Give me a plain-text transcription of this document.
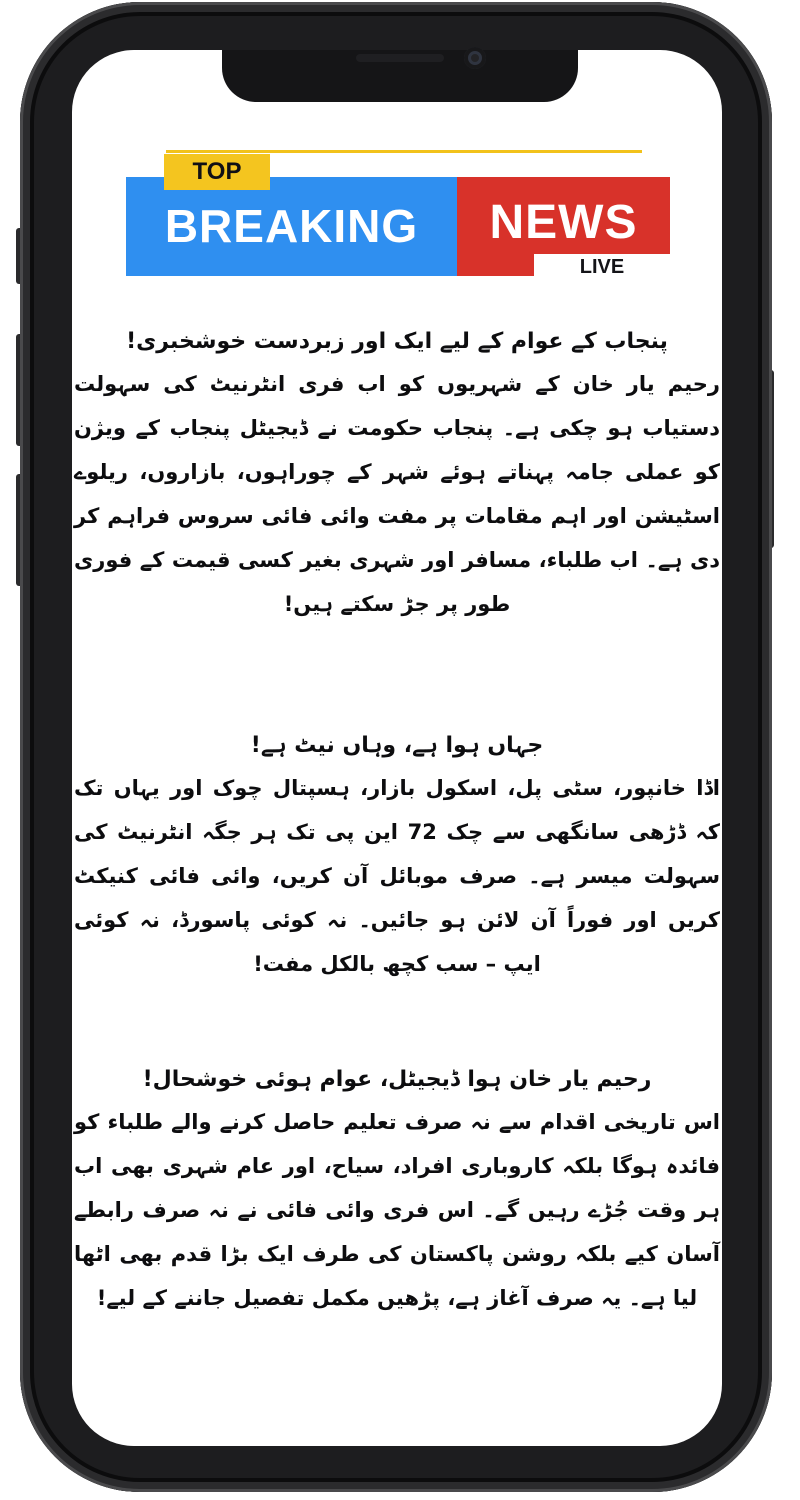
BREAKING	NEWS
TOP
LIVE
پنجاب کے عوام کے لیے ایک اور زبردست خوشخبری!
رحیم یار خان کے شہریوں کو اب فری انٹرنیٹ کی سہولت دستیاب ہو چکی ہے۔ پنجاب حکومت نے ڈیجیٹل پنجاب کے ویژن کو عملی جامہ پہناتے ہوئے شہر کے چوراہوں، بازاروں، ریلوے اسٹیشن اور اہم مقامات پر مفت وائی فائی سروس فراہم کر دی ہے۔ اب طلباء، مسافر اور شہری بغیر کسی قیمت کے فوری طور پر جڑ سکتے ہیں!
جہاں ہوا ہے، وہاں نیٹ ہے!
اڈا خانپور، سٹی پل، اسکول بازار، ہسپتال چوک اور یہاں تک کہ ڈڑھی سانگھی سے چک 72 این پی تک ہر جگہ انٹرنیٹ کی سہولت میسر ہے۔ صرف موبائل آن کریں، وائی فائی کنیکٹ کریں اور فوراً آن لائن ہو جائیں۔ نہ کوئی پاسورڈ، نہ کوئی ایپ – سب کچھ بالکل مفت!
رحیم یار خان ہوا ڈیجیٹل، عوام ہوئی خوشحال!
اس تاریخی اقدام سے نہ صرف تعلیم حاصل کرنے والے طلباء کو فائدہ ہوگا بلکہ کاروباری افراد، سیاح، اور عام شہری بھی اب ہر وقت جُڑے رہیں گے۔ اس فری وائی فائی نے نہ صرف رابطے آسان کیے بلکہ روشن پاکستان کی طرف ایک بڑا قدم بھی اٹھا لیا ہے۔ یہ صرف آغاز ہے، پڑھیں مکمل تفصیل جاننے کے لیے!
